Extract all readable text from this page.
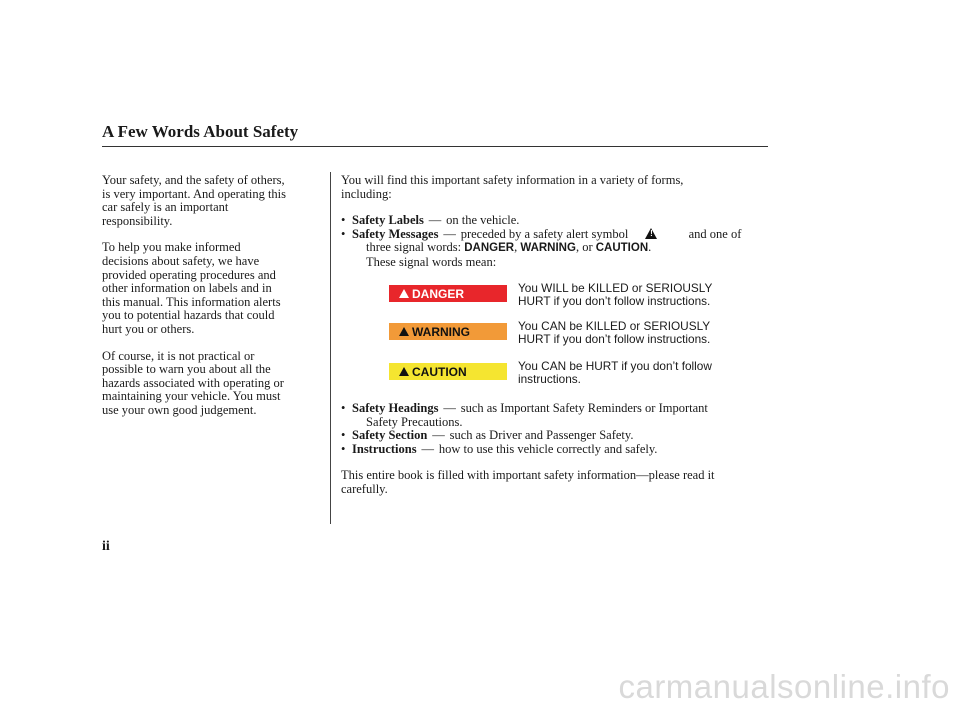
A Few Words About Safety

Your safety, and the safety of others,
is very important. And operating this
car safely is an important
responsibility.

To help you make informed
decisions about safety, we have
provided operating procedures and
other information on labels and in
this manual. This information alerts
you to potential hazards that could
hurt you or others.

Of course, it is not practical or
possible to warn you about all the
hazards associated with operating or
maintaining your vehicle. You must
use your own good judgement.

You will find this important safety information in a variety of forms,
including:

• Safety Labels — on the vehicle.
• Safety Messages — preceded by a safety alert symbol	!	and one of
three signal words: DANGER, WARNING, or CAUTION.
These signal words mean:
DANGER	You WILL be KILLED or SERIOUSLY
HURT if you don’t follow instructions.
WARNING	You CAN be KILLED or SERIOUSLY
HURT if you don’t follow instructions.
CAUTION	You CAN be HURT if you don’t follow
instructions.
• Safety Headings — such as Important Safety Reminders or Important
Safety Precautions.
• Safety Section — such as Driver and Passenger Safety.
• Instructions — how to use this vehicle correctly and safely.

This entire book is filled with important safety information—please read it
carefully.

ii

carmanualsonline.info
